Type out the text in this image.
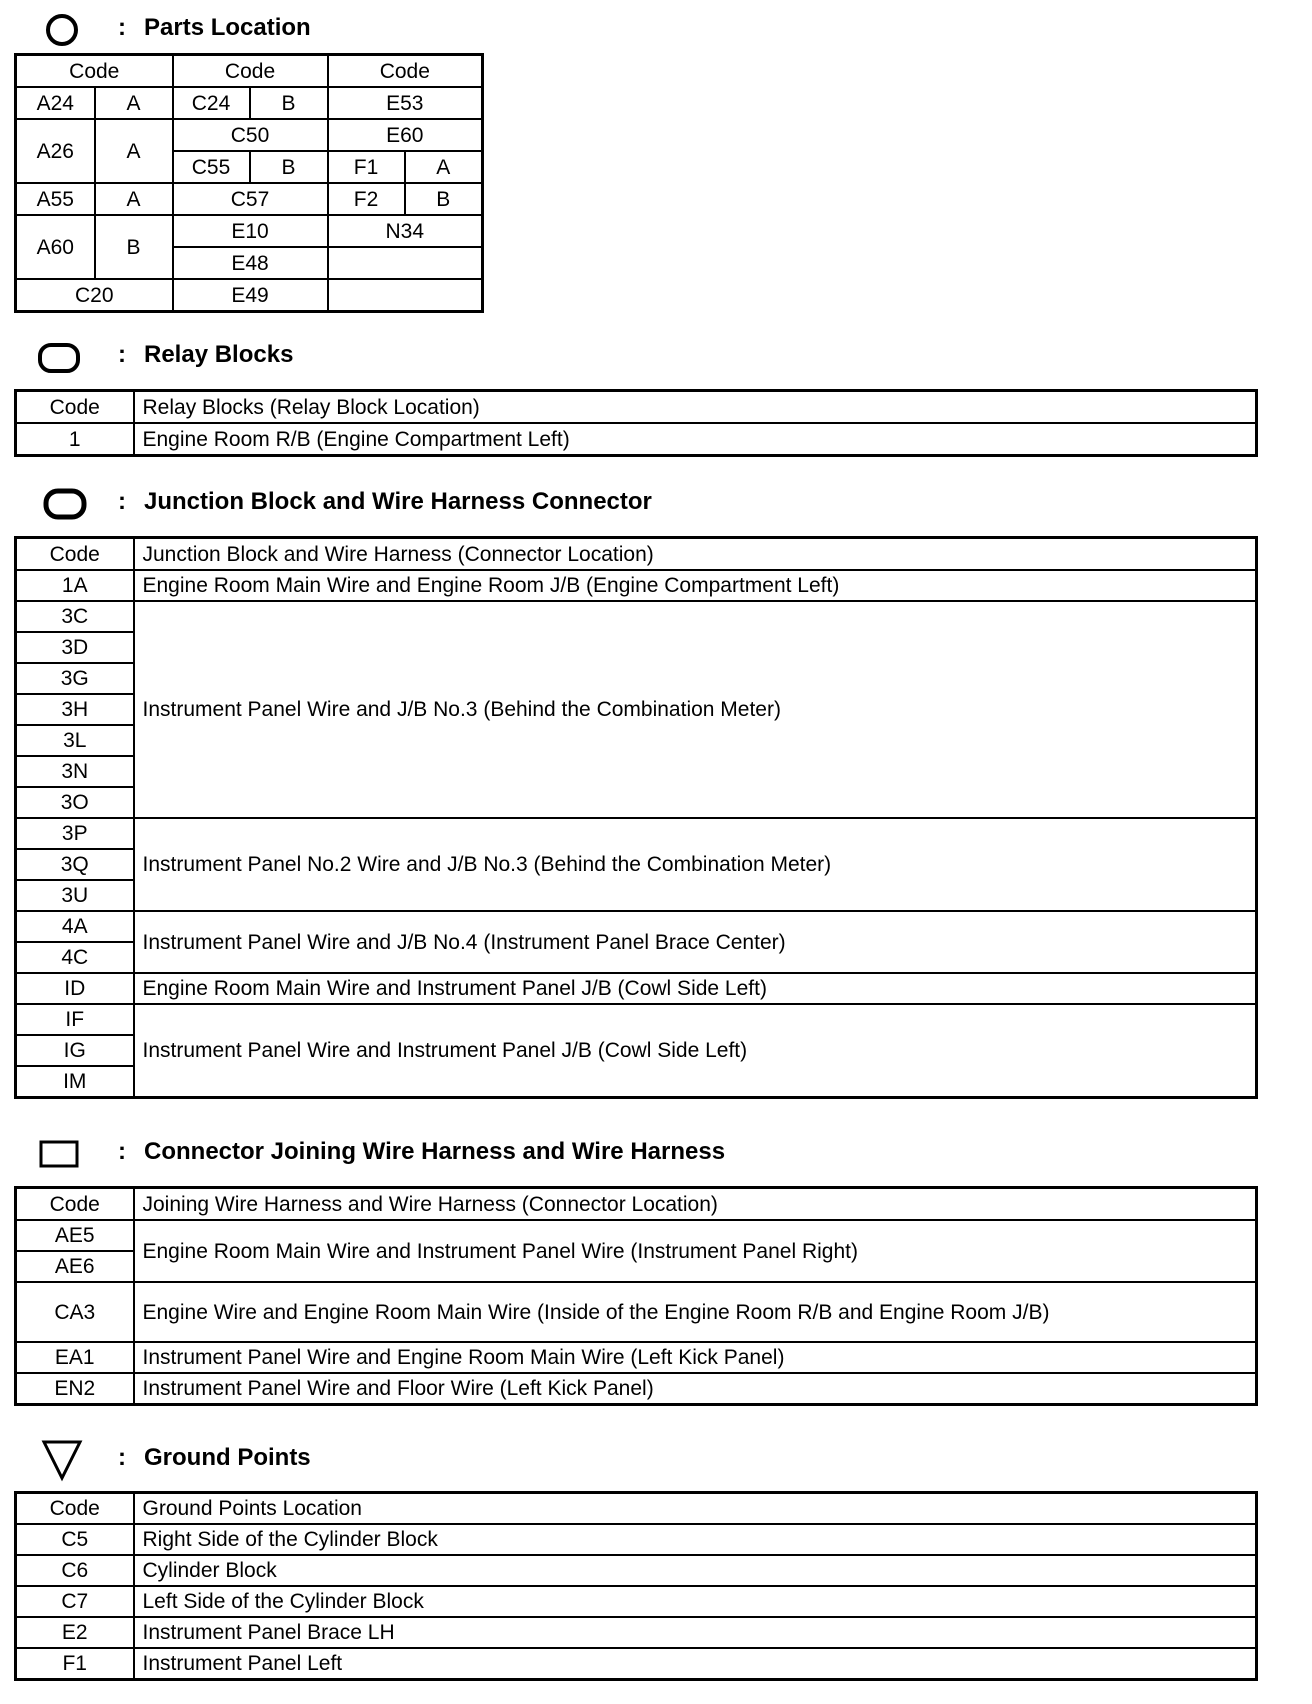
: Parts Location
Code		Code		Code	
A24	A	C24	B	E53	
A26	A	C50		E60	
		C55	B	F1	A
A55	A	C57		F2	B
A60	B	E10		N34	
		E48			
C20		E49			
: Relay Blocks
Code	Relay Blocks (Relay Block Location)
1	Engine Room R/B (Engine Compartment Left)
: Junction Block and Wire Harness Connector
Code	Junction Block and Wire Harness (Connector Location)
1A	Engine Room Main Wire and Engine Room J/B (Engine Compartment Left)
3C	Instrument Panel Wire and J/B No.3 (Behind the Combination Meter)
3D	
3G	
3H	
3L	
3N	
3O	
3P	Instrument Panel No.2 Wire and J/B No.3 (Behind the Combination Meter)
3Q	
3U	
4A	Instrument Panel Wire and J/B No.4 (Instrument Panel Brace Center)
4C	
ID	Engine Room Main Wire and Instrument Panel J/B (Cowl Side Left)
IF	Instrument Panel Wire and Instrument Panel J/B (Cowl Side Left)
IG	
IM	
: Connector Joining Wire Harness and Wire Harness
Code	Joining Wire Harness and Wire Harness (Connector Location)
AE5	Engine Room Main Wire and Instrument Panel Wire (Instrument Panel Right)
AE6	
CA3	Engine Wire and Engine Room Main Wire (Inside of the Engine Room R/B and Engine Room J/B)
EA1	Instrument Panel Wire and Engine Room Main Wire (Left Kick Panel)
EN2	Instrument Panel Wire and Floor Wire (Left Kick Panel)
: Ground Points
Code	Ground Points Location
C5	Right Side of the Cylinder Block
C6	Cylinder Block
C7	Left Side of the Cylinder Block
E2	Instrument Panel Brace LH
F1	Instrument Panel Left
